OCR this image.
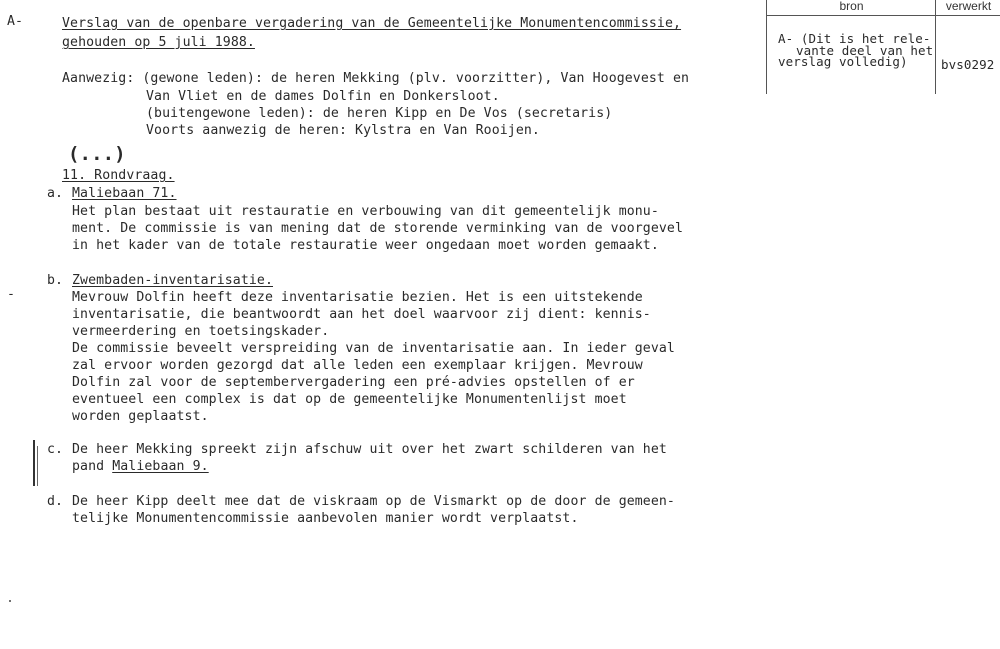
bron	verwerkt
A- (Dit is het rele-
vante deel van het
verslag volledig)	bvs0292
A-	Verslag van de openbare vergadering van de Gemeentelijke Monumentencommissie,
gehouden op 5 juli 1988.
Aanwezig: (gewone leden): de heren Mekking (plv. voorzitter), Van Hoogevest en
Van Vliet en de dames Dolfin en Donkersloot.
(buitengewone leden): de heren Kipp en De Vos (secretaris)
Voorts aanwezig de heren: Kylstra en Van Rooijen.
(...)
11. Rondvraag.
a. Maliebaan 71.
Het plan bestaat uit restauratie en verbouwing van dit gemeentelijk monu-
ment. De commissie is van mening dat de storende verminking van de voorgevel
in het kader van de totale restauratie weer ongedaan moet worden gemaakt.
-
b. Zwembaden-inventarisatie.
Mevrouw Dolfin heeft deze inventarisatie bezien. Het is een uitstekende
inventarisatie, die beantwoordt aan het doel waarvoor zij dient: kennis-
vermeerdering en toetsingskader.
De commissie beveelt verspreiding van de inventarisatie aan. In ieder geval
zal ervoor worden gezorgd dat alle leden een exemplaar krijgen. Mevrouw
Dolfin zal voor de septembervergadering een pré-advies opstellen of er
eventueel een complex is dat op de gemeentelijke Monumentenlijst moet
worden geplaatst.
c. De heer Mekking spreekt zijn afschuw uit over het zwart schilderen van het
pand Maliebaan 9.
d. De heer Kipp deelt mee dat de viskraam op de Vismarkt op de door de gemeen-
telijke Monumentencommissie aanbevolen manier wordt verplaatst.
